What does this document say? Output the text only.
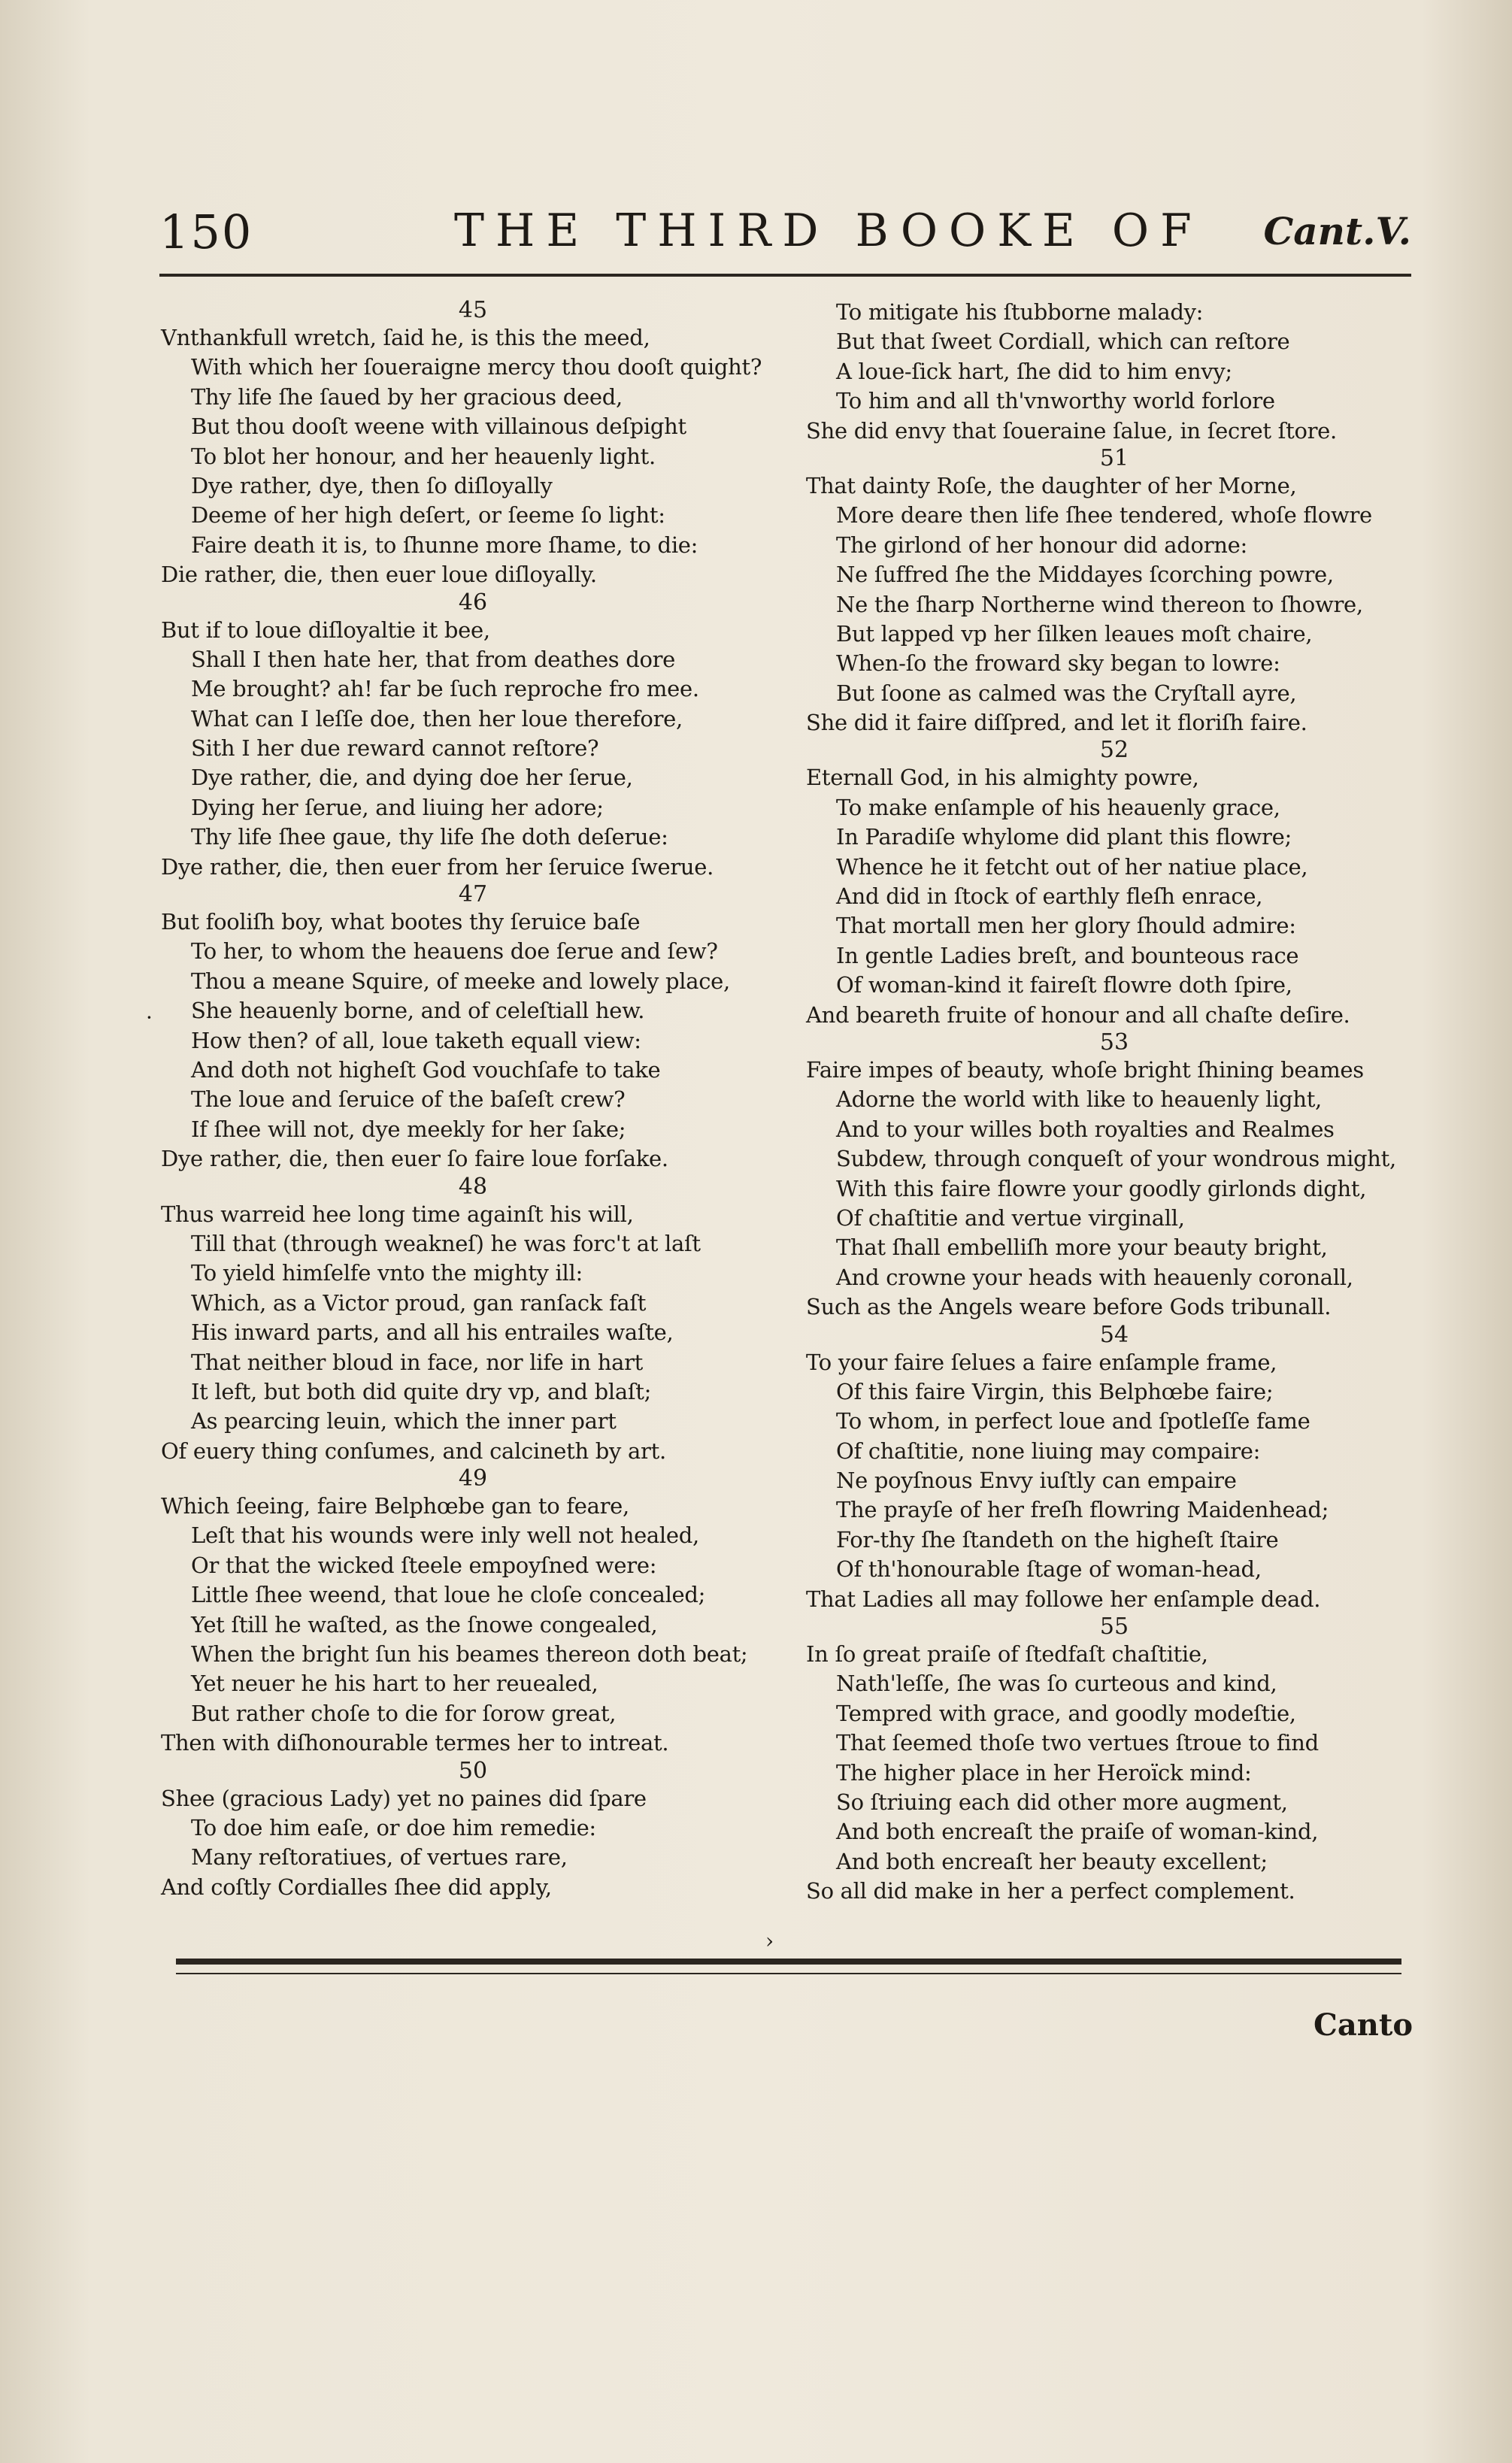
150	THE THIRD BOOKE OF Cant.V.
45
Vnthankfull wretch, ſaid he, is this the meed,
With which her ſoueraigne mercy thou dooſt quight?
Thy life ſhe ſaued by her gracious deed,
But thou dooſt weene with villainous deſpight
To blot her honour, and her heauenly light.
Dye rather, dye, then ſo diſloyally
Deeme of her high deſert, or ſeeme ſo light:
Faire death it is, to ſhunne more ſhame, to die:
Die rather, die, then euer loue diſloyally.
46
But if to loue diſloyaltie it bee,
Shall I then hate her, that from deathes dore
Me brought? ah! far be ſuch reproche fro mee.
What can I leſſe doe, then her loue therefore,
Sith I her due reward cannot reſtore?
Dye rather, die, and dying doe her ſerue,
Dying her ſerue, and liuing her adore;
Thy life ſhee gaue, thy life ſhe doth deſerue:
Dye rather, die, then euer from her ſeruice ſwerue.
47
But fooliſh boy, what bootes thy ſeruice baſe
To her, to whom the heauens doe ſerue and ſew?
Thou a meane Squire, of meeke and lowely place,
She heauenly borne, and of celeſtiall hew.
How then? of all, loue taketh equall view:
And doth not higheſt God vouchſafe to take
The loue and ſeruice of the baſeſt crew?
If ſhee will not, dye meekly for her ſake;
Dye rather, die, then euer ſo faire loue forſake.
48
Thus warreid hee long time againſt his will,
Till that (through weakneſ) he was forc't at laſt
To yield himſelfe vnto the mighty ill:
Which, as a Victor proud, gan ranſack faſt
His inward parts, and all his entrailes waſte,
That neither bloud in face, nor life in hart
It left, but both did quite dry vp, and blaſt;
As pearcing leuin, which the inner part
Of euery thing conſumes, and calcineth by art.
49
Which ſeeing, faire Belphœbe gan to feare,
Leſt that his wounds were inly well not healed,
Or that the wicked ſteele empoyſned were:
Little ſhee weend, that loue he cloſe concealed;
Yet ſtill he waſted, as the ſnowe congealed,
When the bright ſun his beames thereon doth beat;
Yet neuer he his hart to her reuealed,
But rather choſe to die for ſorow great,
Then with diſhonourable termes her to intreat.
50
Shee (gracious Lady) yet no paines did ſpare
To doe him eaſe, or doe him remedie:
Many reſtoratiues, of vertues rare,
And coſtly Cordialles ſhee did apply,
To mitigate his ſtubborne malady:
But that ſweet Cordiall, which can reſtore
A loue-ſick hart, ſhe did to him envy;
To him and all th'vnworthy world forlore
She did envy that ſoueraine ſalue, in ſecret ſtore.
51
That dainty Roſe, the daughter of her Morne,
More deare then life ſhee tendered, whoſe flowre
The girlond of her honour did adorne:
Ne ſuffred ſhe the Middayes ſcorching powre,
Ne the ſharp Northerne wind thereon to ſhowre,
But lapped vp her ſilken leaues moſt chaire,
When-ſo the froward sky began to lowre:
But ſoone as calmed was the Cryſtall ayre,
She did it faire diſſpred, and let it floriſh faire.
52
Eternall God, in his almighty powre,
To make enſample of his heauenly grace,
In Paradiſe whylome did plant this flowre;
Whence he it fetcht out of her natiue place,
And did in ſtock of earthly fleſh enrace,
That mortall men her glory ſhould admire:
In gentle Ladies breſt, and bounteous race
Of woman-kind it faireſt flowre doth ſpire,
And beareth fruite of honour and all chaſte deſire.
53
Faire impes of beauty, whoſe bright ſhining beames
Adorne the world with like to heauenly light,
And to your willes both royalties and Realmes
Subdew, through conqueſt of your wondrous might,
With this faire flowre your goodly girlonds dight,
Of chaſtitie and vertue virginall,
That ſhall embelliſh more your beauty bright,
And crowne your heads with heauenly coronall,
Such as the Angels weare before Gods tribunall.
54
To your faire ſelues a faire enſample frame,
Of this faire Virgin, this Belphœbe faire;
To whom, in perfect loue and ſpotleſſe fame
Of chaſtitie, none liuing may compaire:
Ne poyſnous Envy iuſtly can empaire
The prayſe of her freſh flowring Maidenhead;
For-thy ſhe ſtandeth on the higheſt ſtaire
Of th'honourable ſtage of woman-head,
That Ladies all may followe her enſample dead.
55
In ſo great praiſe of ſtedfaſt chaſtitie,
Nath'leſſe, ſhe was ſo curteous and kind,
Tempred with grace, and goodly modeſtie,
That ſeemed thoſe two vertues ſtroue to find
The higher place in her Heroïck mind:
So ſtriuing each did other more augment,
And both encreaſt the praiſe of woman-kind,
And both encreaſt her beauty excellent;
So all did make in her a perfect complement.
·
›
Canto
